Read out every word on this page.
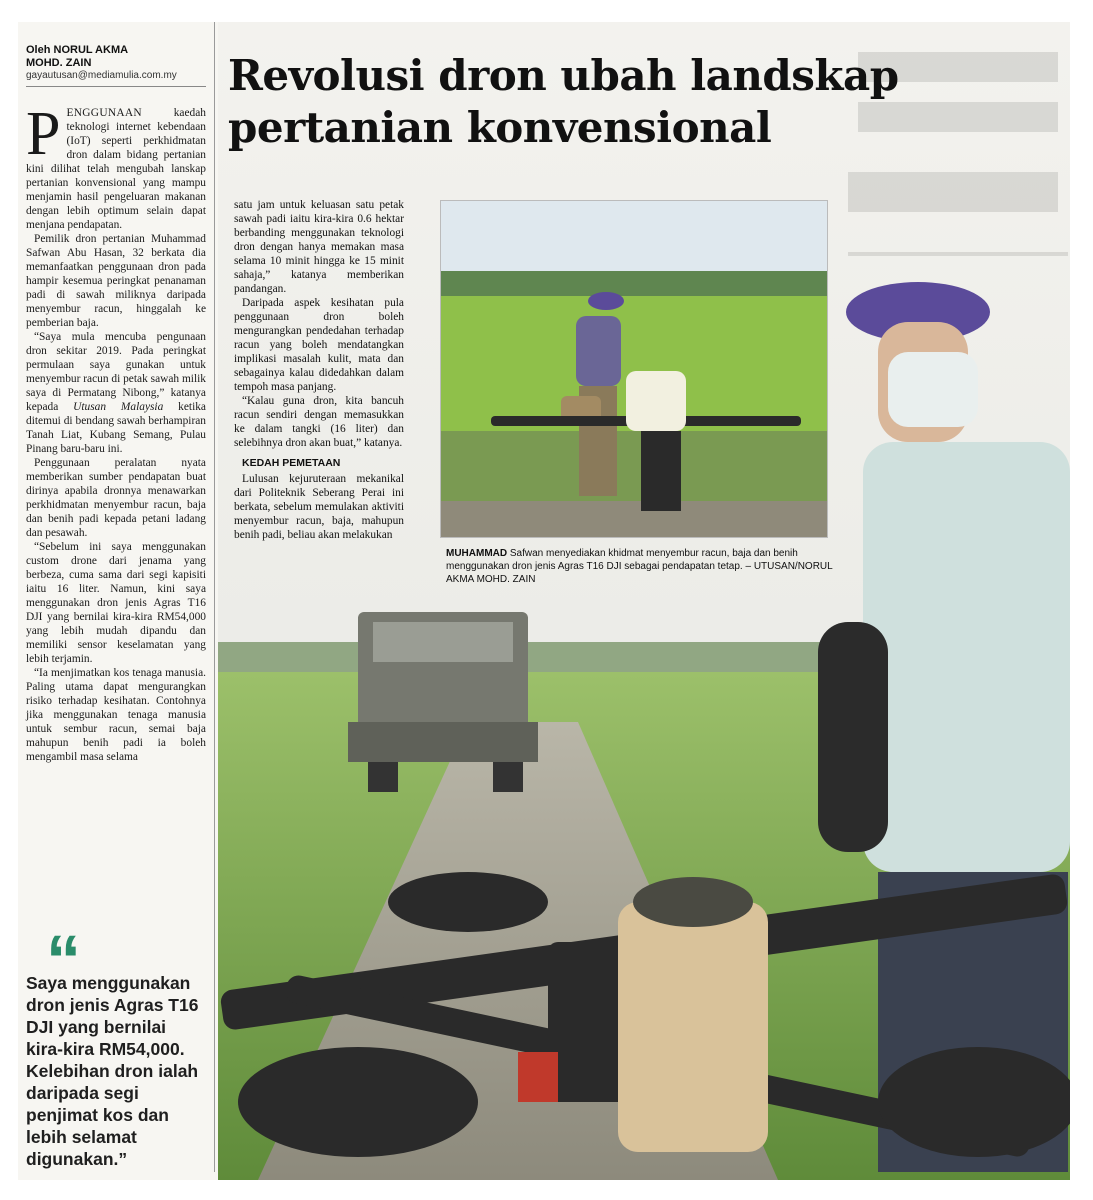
Oleh NORUL AKMA
MOHD. ZAIN
gayautusan@mediamulia.com.my

PENGGUNAAN kaedah teknologi internet kebendaan (IoT) seperti perkhidmatan dron dalam bidang pertanian kini dilihat telah mengubah lanskap pertanian konvensional yang mampu menjamin hasil pengeluaran makanan dengan lebih optimum selain dapat menjana pendapatan.

Pemilik dron pertanian Muhammad Safwan Abu Hasan, 32 berkata dia memanfaatkan penggunaan dron pada hampir kesemua peringkat penanaman padi di sawah miliknya daripada menyembur racun, hinggalah ke pemberian baja.

“Saya mula mencuba pengunaan dron sekitar 2019. Pada peringkat permulaan saya gunakan untuk menyembur racun di petak sawah milik saya di Permatang Nibong,” katanya kepada Utusan Malaysia ketika ditemui di bendang sawah berhampiran Tanah Liat, Kubang Semang, Pulau Pinang baru-baru ini.

Penggunaan peralatan nyata memberikan sumber pendapatan buat dirinya apabila dronnya menawarkan perkhidmatan menyembur racun, baja dan benih padi kepada petani ladang dan pesawah.

“Sebelum ini saya menggunakan custom drone dari jenama yang berbeza, cuma sama dari segi kapisiti iaitu 16 liter. Namun, kini saya menggunakan dron jenis Agras T16 DJI yang bernilai kira-kira RM54,000 yang lebih mudah dipandu dan memiliki sensor keselamatan yang lebih terjamin.

“Ia menjimatkan kos tenaga manusia. Paling utama dapat mengurangkan risiko terhadap kesihatan. Contohnya jika menggunakan tenaga manusia untuk sembur racun, semai baja mahupun benih padi ia boleh mengambil masa selama

“
Saya menggunakan dron jenis Agras T16 DJI yang bernilai kira-kira RM54,000. Kelebihan dron ialah daripada segi penjimat kos dan lebih selamat digunakan.”
Revolusi dron ubah landskap
pertanian konvensional

satu jam untuk keluasan satu petak sawah padi iaitu kira-kira 0.6 hektar berbanding menggunakan teknologi dron dengan hanya memakan masa selama 10 minit hingga ke 15 minit sahaja,” katanya memberikan pandangan.

Daripada aspek kesihatan pula penggunaan dron boleh mengurangkan pendedahan terhadap racun yang boleh mendatangkan implikasi masalah kulit, mata dan sebagainya kalau didedahkan dalam tempoh masa panjang.

“Kalau guna dron, kita bancuh racun sendiri dengan memasukkan ke dalam tangki (16 liter) dan selebihnya dron akan buat,” katanya.

KEDAH PEMETAAN

Lulusan kejuruteraan mekanikal dari Politeknik Seberang Perai ini berkata, sebelum memulakan aktiviti menyembur racun, baja, mahupun benih padi, beliau akan melakukan

MUHAMMAD Safwan menyediakan khidmat menyembur racun, baja dan benih menggunakan dron jenis Agras T16 DJI sebagai pendapatan tetap. – UTUSAN/NORUL AKMA MOHD. ZAIN
